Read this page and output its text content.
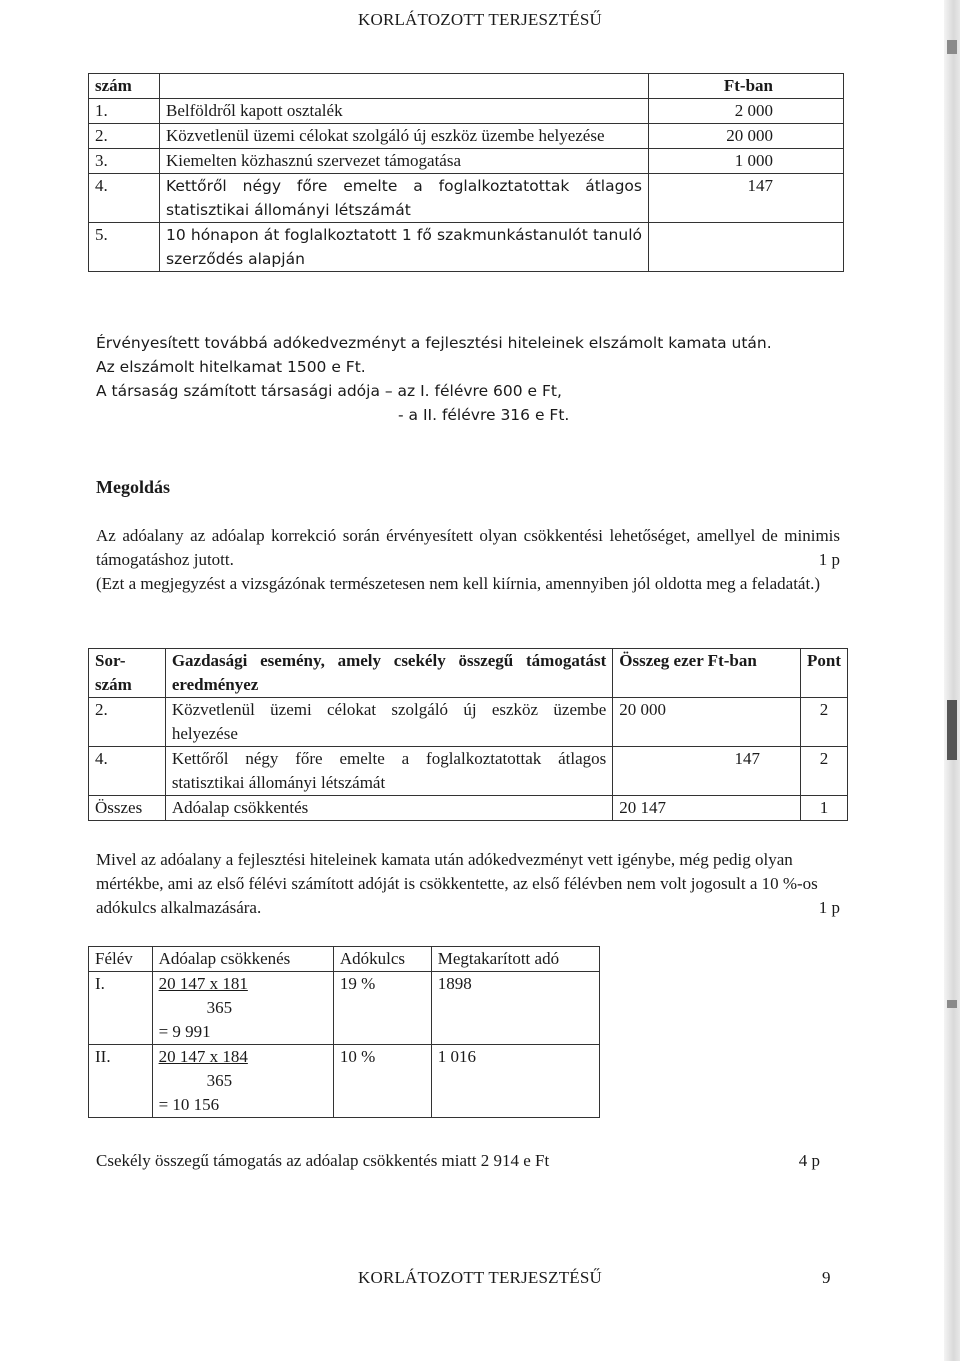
KORLÁTOZOTT TERJESZTÉSŰ
szám		Ft-ban
1.	Belföldről kapott osztalék	2 000
2.	Közvetlenül üzemi célokat szolgáló új eszköz üzembe helyezése	20 000
3.	Kiemelten közhasznú szervezet támogatása	1 000
4.	Kettőről négy főre emelte a foglalkoztatottak átlagos statisztikai állományi létszámát	147
5.	10 hónapon át foglalkoztatott 1 fő szakmunkástanulót tanuló szerződés alapján	
Érvényesített továbbá adókedvezményt a fejlesztési hiteleinek elszámolt kamata után.
Az elszámolt hitelkamat 1500 e Ft.
A társaság számított társasági adója – az I. félévre 600 e Ft,
- a II. félévre 316 e Ft.
Megoldás
Az adóalany az adóalap korrekció során érvényesített olyan csökkentési lehetőséget, amellyel de minimis támogatáshoz jutott.	1 p
(Ezt a megjegyzést a vizsgázónak természetesen nem kell kiírnia, amennyiben jól oldotta meg a feladatát.)
Sor-szám	Gazdasági esemény, amely csekély összegű támogatást eredményez	Összeg ezer Ft-ban	Pont
2.	Közvetlenül üzemi célokat szolgáló új eszköz üzembe helyezése	20 000	2
4.	Kettőről négy főre emelte a foglalkoztatottak átlagos statisztikai állományi létszámát	147	2
Összes	Adóalap csökkentés	20 147	1
Mivel az adóalany a fejlesztési hiteleinek kamata után adókedvezményt vett igénybe, még pedig olyan mértékbe, ami az első félévi számított adóját is csökkentette, az első félévben nem volt jogosult a 10 %-os adókulcs alkalmazására.	1 p
Félév	Adóalap csökkenés	Adókulcs	Megtakarított adó
I.	20 147 x 181
365
= 9 991	19 %	1898
II.	20 147 x 184
365
= 10 156	10 %	1 016
Csekély összegű támogatás az adóalap csökkentés miatt 2 914 e Ft	4 p
KORLÁTOZOTT TERJESZTÉSŰ	9
